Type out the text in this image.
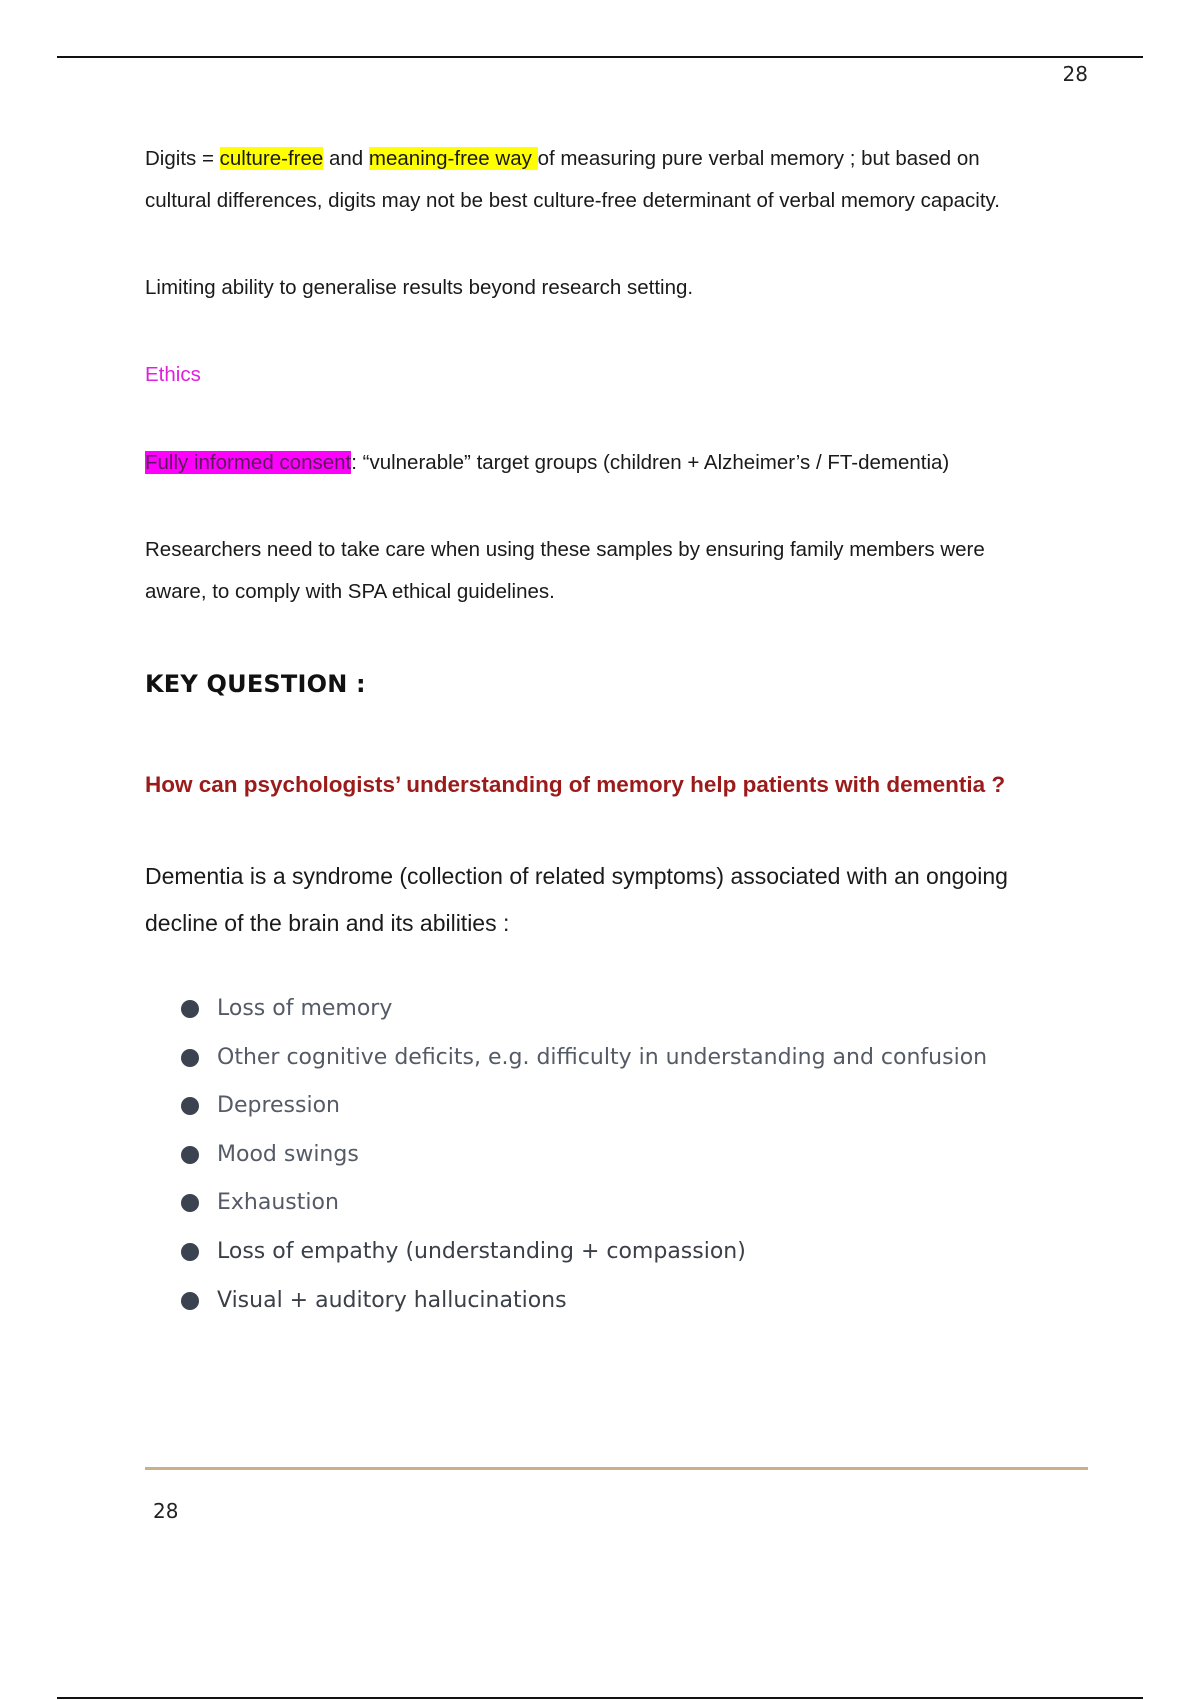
28
Digits = culture-free and meaning-free way of measuring pure verbal memory ; but based on
cultural differences, digits may not be best culture-free determinant of verbal memory capacity.
Limiting ability to generalise results beyond research setting.
Ethics
Fully informed consent: “vulnerable” target groups (children + Alzheimer’s / FT-dementia)
Researchers need to take care when using these samples by ensuring family members were
aware, to comply with SPA ethical guidelines.
KEY QUESTION :
How can psychologists’ understanding of memory help patients with dementia ?
Dementia is a syndrome (collection of related symptoms) associated with an ongoing
decline of the brain and its abilities :
Loss of memory
Other cognitive deficits, e.g. difficulty in understanding and confusion
Depression
Mood swings
Exhaustion
Loss of empathy (understanding + compassion)
Visual + auditory hallucinations
28
